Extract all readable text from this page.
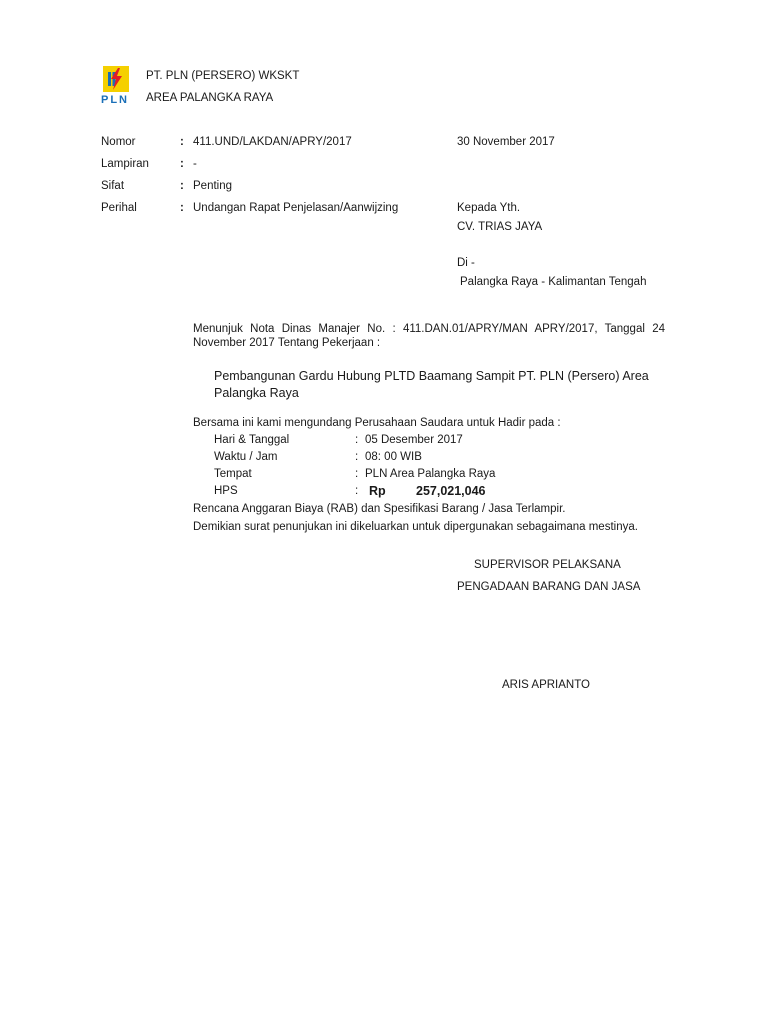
PLN
PT. PLN (PERSERO) WKSKT
AREA PALANGKA RAYA
Nomor	: 411.UND/LAKDAN/APRY/2017	30 November 2017
Lampiran	: -
Sifat	: Penting
Perihal	: Undangan Rapat Penjelasan/Aanwijzing	Kepada Yth.
CV. TRIAS JAYA
Di -
Palangka Raya - Kalimantan Tengah
Menunjuk Nota Dinas Manajer No. : 411.DAN.01/APRY/MAN APRY/2017, Tanggal 24
November 2017 Tentang Pekerjaan :
Pembangunan Gardu Hubung PLTD Baamang Sampit PT. PLN (Persero) Area
Palangka Raya
Bersama ini kami mengundang Perusahaan Saudara untuk Hadir pada :
Hari & Tanggal	: 05 Desember 2017
Waktu / Jam	: 08: 00 WIB
Tempat	: PLN Area Palangka Raya
HPS	: Rp 257,021,046
Rencana Anggaran Biaya (RAB) dan Spesifikasi Barang / Jasa Terlampir.
Demikian surat penunjukan ini dikeluarkan untuk dipergunakan sebagaimana mestinya.
SUPERVISOR PELAKSANA
PENGADAAN BARANG DAN JASA
ARIS APRIANTO
